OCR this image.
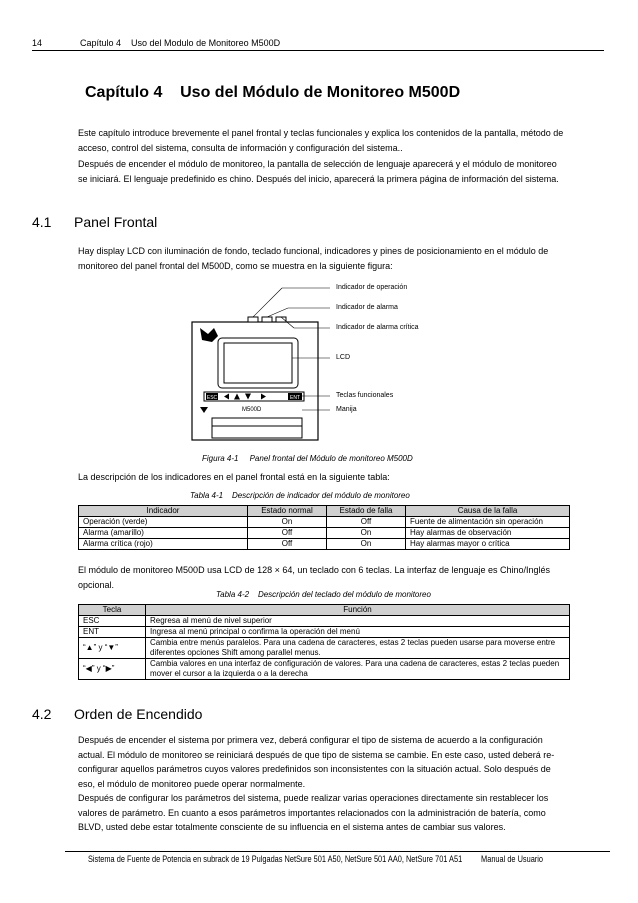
14	Capítulo 4    Uso del Modulo de Monitoreo M500D
Capítulo 4    Uso del Módulo de Monitoreo M500D
Este capítulo introduce brevemente el panel frontal y teclas funcionales y explica los contenidos de la pantalla, método de acceso, control del sistema, consulta de información y configuración del sistema..
Después de encender el módulo de monitoreo, la pantalla de selección de lenguaje aparecerá y el módulo de monitoreo se iniciará. El lenguaje predefinido es chino. Después del inicio, aparecerá la primera página de información del sistema.
4.1 Panel Frontal
Hay display LCD con iluminación de fondo, teclado funcional, indicadores y pines de posicionamiento en el módulo de monitoreo del panel frontal del M500D, como se muestra en la siguiente figura:
ESC	ENT
M500D
Indicador de operación
Indicador de alarma
Indicador de alarma crítica
LCD
Teclas funcionales
Manija
Figura 4-1     Panel frontal del Módulo de monitoreo M500D
La descripción de los indicadores en el panel frontal está en la siguiente tabla:
Tabla 4-1    Descripción de indicador del módulo de monitoreo
Indicador	Estado normal	Estado de falla	Causa de la falla
Operación (verde)	On	Off	Fuente de alimentación sin operación
Alarma (amarillo)	Off	On	Hay alarmas de observación
Alarma crítica (rojo)	Off	On	Hay alarmas mayor o crítica
El módulo de monitoreo M500D usa LCD de 128 × 64, un teclado con 6 teclas. La interfaz de lenguaje es Chino/Inglés opcional.
Tabla 4-2    Descripción del teclado del módulo de monitoreo
Tecla	Función
ESC	Regresa al menú de nivel superior
ENT	Ingresa al menú principal o confirma la operación del menú
“▲” y “▼”	Cambia entre menús paralelos. Para una cadena de caracteres, estas 2 teclas pueden usarse para moverse entre diferentes opciones Shift among parallel menus.
“◀” y “▶”	Cambia valores en una interfaz de configuración de valores. Para una cadena de caracteres, estas 2 teclas pueden mover el cursor a la izquierda o a la derecha
4.2 Orden de Encendido
Después de encender el sistema por primera vez, deberá configurar el tipo de sistema de acuerdo a la configuración actual. El módulo de monitoreo se reiniciará después de que tipo de sistema se cambie. En este caso, usted deberá re-configurar aquellos parámetros cuyos valores predefinidos son inconsistentes con la situación actual. Solo después de eso, el módulo de monitoreo puede operar normalmente.
Después de configurar los parámetros del sistema, puede realizar varias operaciones directamente sin restablecer los valores de parámetro. En cuanto a esos parámetros importantes relacionados con la administración de batería, como BLVD, usted debe estar totalmente consciente de su influencia en el sistema antes de cambiar sus valores.
Sistema de Fuente de Potencia en subrack de 19 Pulgadas NetSure 501 A50, NetSure 501 AA0, NetSure 701 A51 Manual de Usuario
